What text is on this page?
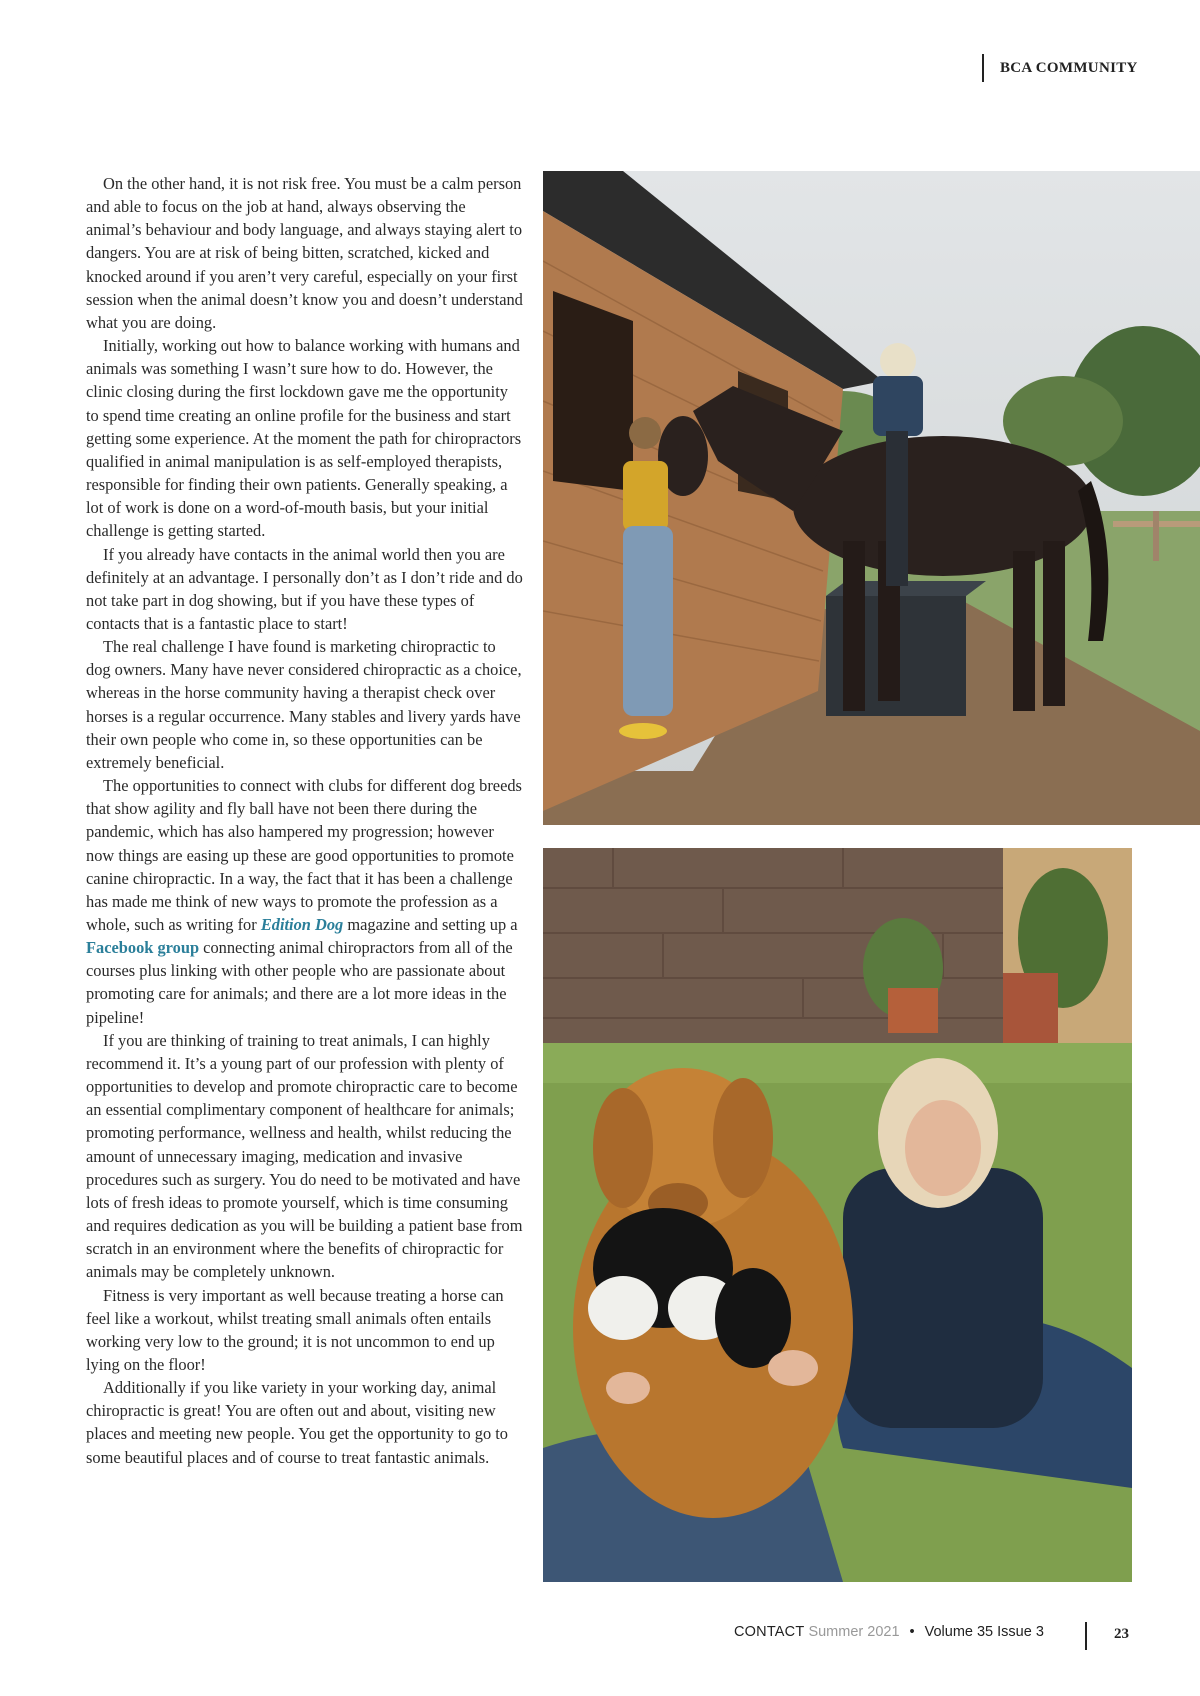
BCA COMMUNITY

On the other hand, it is not risk free. You must be a calm person and able to focus on the job at hand, always observing the animal’s behaviour and body language, and always staying alert to dangers. You are at risk of being bitten, scratched, kicked and knocked around if you aren’t very careful, especially on your first session when the animal doesn’t know you and doesn’t understand what you are doing.

Initially, working out how to balance working with humans and animals was something I wasn’t sure how to do. However, the clinic closing during the first lockdown gave me the opportunity to spend time creating an online profile for the business and start getting some experience. At the moment the path for chiropractors qualified in animal manipulation is as self-employed therapists, responsible for finding their own patients. Generally speaking, a lot of work is done on a word-of-mouth basis, but your initial challenge is getting started.

If you already have contacts in the animal world then you are definitely at an advantage. I personally don’t as I don’t ride and do not take part in dog showing, but if you have these types of contacts that is a fantastic place to start!

The real challenge I have found is marketing chiropractic to dog owners. Many have never considered chiropractic as a choice, whereas in the horse community having a therapist check over horses is a regular occurrence. Many stables and livery yards have their own people who come in, so these opportunities can be extremely beneficial.

The opportunities to connect with clubs for different dog breeds that show agility and fly ball have not been there during the pandemic, which has also hampered my progression; however now things are easing up these are good opportunities to promote canine chiropractic. In a way, the fact that it has been a challenge has made me think of new ways to promote the profession as a whole, such as writing for Edition Dog magazine and setting up a Facebook group connecting animal chiropractors from all of the courses plus linking with other people who are passionate about promoting care for animals; and there are a lot more ideas in the pipeline!

If you are thinking of training to treat animals, I can highly recommend it. It’s a young part of our profession with plenty of opportunities to develop and promote chiropractic care to become an essential complimentary component of healthcare for animals; promoting performance, wellness and health, whilst reducing the amount of unnecessary imaging, medication and invasive procedures such as surgery. You do need to be motivated and have lots of fresh ideas to promote yourself, which is time consuming and requires dedication as you will be building a patient base from scratch in an environment where the benefits of chiropractic for animals may be completely unknown.

Fitness is very important as well because treating a horse can feel like a workout, whilst treating small animals often entails working very low to the ground; it is not uncommon to end up lying on the floor!

Additionally if you like variety in your working day, animal chiropractic is great! You are often out and about, visiting new places and meeting new people. You get the opportunity to go to some beautiful places and of course to treat fantastic animals.

CONTACT Summer 2021 • Volume 35 Issue 3	23
